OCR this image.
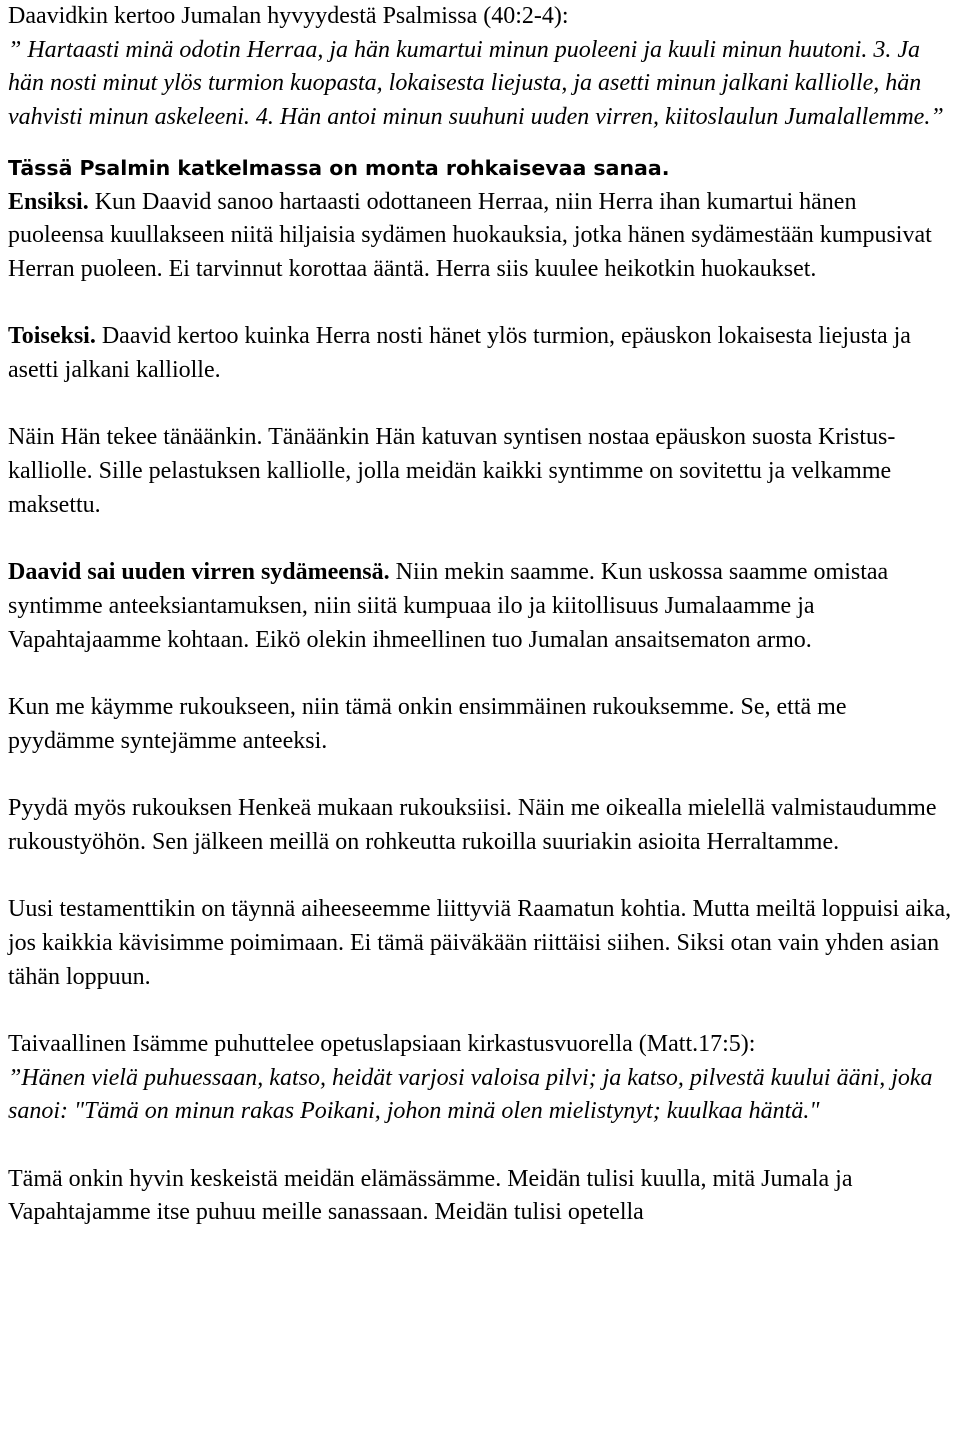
Daavidkin kertoo Jumalan hyvyydestä Psalmissa (40:2-4):
” Hartaasti minä odotin Herraa, ja hän kumartui minun puoleeni ja kuuli minun huutoni. 3. Ja hän nosti minut ylös turmion kuopasta, lokaisesta liejusta, ja asetti minun jalkani kalliolle, hän vahvisti minun askeleeni. 4. Hän antoi minun suuhuni uuden virren, kiitoslaulun Jumalallemme.”

Tässä Psalmin katkelmassa on monta rohkaisevaa sanaa.

Ensiksi. Kun Daavid sanoo hartaasti odottaneen Herraa, niin Herra ihan kumartui hänen puoleensa kuullakseen niitä hiljaisia sydämen huokauksia, jotka hänen sydämestään kumpusivat Herran puoleen. Ei tarvinnut korottaa ääntä. Herra siis kuulee heikotkin huokaukset.

Toiseksi. Daavid kertoo kuinka Herra nosti hänet ylös turmion, epäuskon lokaisesta liejusta ja asetti jalkani kalliolle.

Näin Hän tekee tänäänkin. Tänäänkin Hän katuvan syntisen nostaa epäuskon suosta Kristus-kalliolle. Sille pelastuksen kalliolle, jolla meidän kaikki syntimme on sovitettu ja velkamme maksettu.

Daavid sai uuden virren sydämeensä. Niin mekin saamme. Kun uskossa saamme omistaa syntimme anteeksiantamuksen, niin siitä kumpuaa ilo ja kiitollisuus Jumalaamme ja Vapahtajaamme kohtaan. Eikö olekin ihmeellinen tuo Jumalan ansaitsematon armo.

Kun me käymme rukoukseen, niin tämä onkin ensimmäinen rukouksemme. Se, että me pyydämme syntejämme anteeksi.

Pyydä myös rukouksen Henkeä mukaan rukouksiisi. Näin me oikealla mielellä valmistaudumme rukoustyöhön. Sen jälkeen meillä on rohkeutta rukoilla suuriakin asioita Herraltamme.

Uusi testamenttikin on täynnä aiheeseemme liittyviä Raamatun kohtia. Mutta meiltä loppuisi aika, jos kaikkia kävisimme poimimaan. Ei tämä päiväkään riittäisi siihen. Siksi otan vain yhden asian tähän loppuun.

Taivaallinen Isämme puhuttelee opetuslapsiaan kirkastusvuorella (Matt.17:5):
”Hänen vielä puhuessaan, katso, heidät varjosi valoisa pilvi; ja katso, pilvestä kuului ääni, joka sanoi: "Tämä on minun rakas Poikani, johon minä olen mielistynyt; kuulkaa häntä."

Tämä onkin hyvin keskeistä meidän elämässämme. Meidän tulisi kuulla, mitä Jumala ja Vapahtajamme itse puhuu meille sanassaan. Meidän tulisi opetella
